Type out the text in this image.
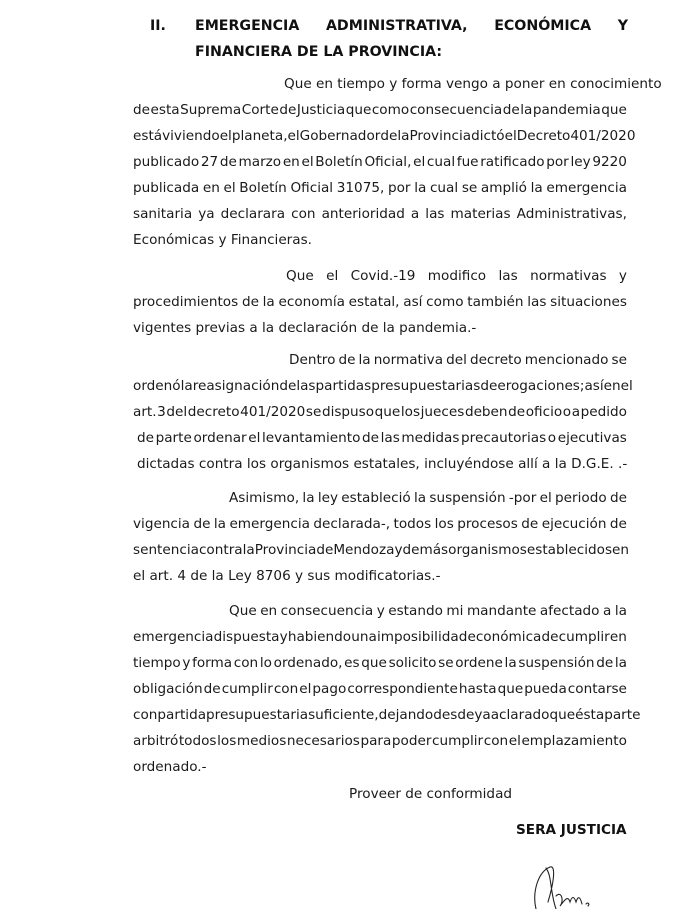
II. EMERGENCIA ADMINISTRATIVA, ECONÓMICA Y
FINANCIERA DE LA PROVINCIA:
Que en tiempo y forma vengo a poner en conocimiento
de esta Suprema Corte de Justicia que como consecuencia de la pandemia que
está viviendo el planeta, el Gobernador de la Provincia dictó el Decreto 401/2020
publicado 27 de marzo en el Boletín Oficial, el cual fue ratificado por ley 9220
publicada en el Boletín Oficial 31075, por la cual se amplió la emergencia
sanitaria ya declarara con anterioridad a las materias Administrativas,
Económicas y Financieras.
Que el Covid.-19 modifico las normativas y
procedimientos de la economía estatal, así como también las situaciones
vigentes previas a la declaración de la pandemia.-
Dentro de la normativa del decreto mencionado se
ordenó la reasignación de las partidas presupuestarias de erogaciones; así en el
art. 3 del decreto 401/2020 se dispuso que los jueces deben de oficio o a pedido
de parte ordenar el levantamiento de las medidas precautorias o ejecutivas
dictadas contra los organismos estatales, incluyéndose allí a la D.G.E. .-
Asimismo, la ley estableció la suspensión -por el periodo de
vigencia de la emergencia declarada-, todos los procesos de ejecución de
sentencia contra la Provincia de Mendoza y demás organismos establecidos en
el art. 4 de la Ley 8706 y sus modificatorias.-
Que en consecuencia y estando mi mandante afectado a la
emergencia dispuesta y habiendo una imposibilidad económica de cumplir en
tiempo y forma con lo ordenado, es que solicito se ordene la suspensión de la
obligación de cumplir con el pago correspondiente hasta que pueda contarse
con partida presupuestaria suficiente, dejando desde ya aclarado que ésta parte
arbitró todos los medios necesarios para poder cumplir con el emplazamiento
ordenado.-
Proveer de conformidad
SERA JUSTICIA
